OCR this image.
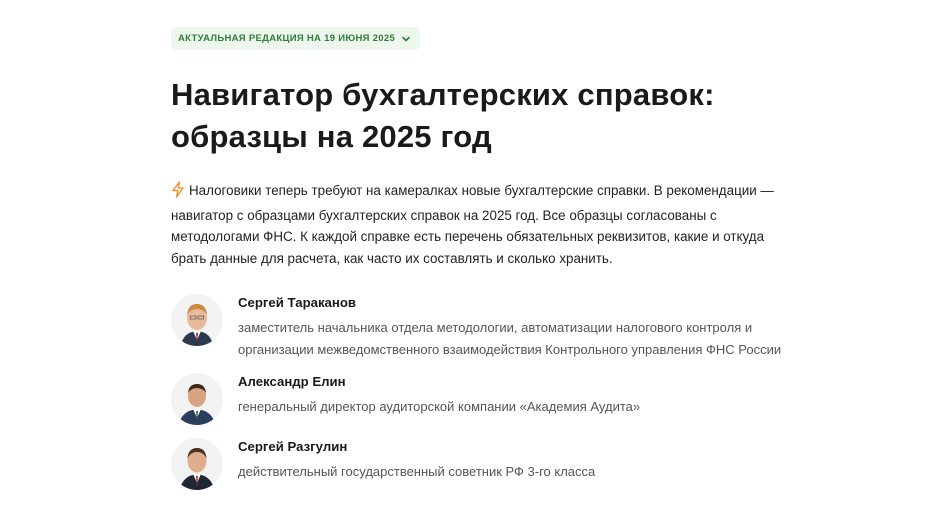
АКТУАЛЬНАЯ РЕДАКЦИЯ НА 19 ИЮНЯ 2025
Навигатор бухгалтерских справок: образцы на 2025 год
Налоговики теперь требуют на камералках новые бухгалтерские справки. В рекомендации — навигатор с образцами бухгалтерских справок на 2025 год. Все образцы согласованы с методологами ФНС. К каждой справке есть перечень обязательных реквизитов, какие и откуда брать данные для расчета, как часто их составлять и сколько хранить.
Сергей Тараканов
заместитель начальника отдела методологии, автоматизации налогового контроля и организации межведомственного взаимодействия Контрольного управления ФНС России
Александр Елин
генеральный директор аудиторской компании «Академия Аудита»
Сергей Разгулин
действительный государственный советник РФ 3-го класса
